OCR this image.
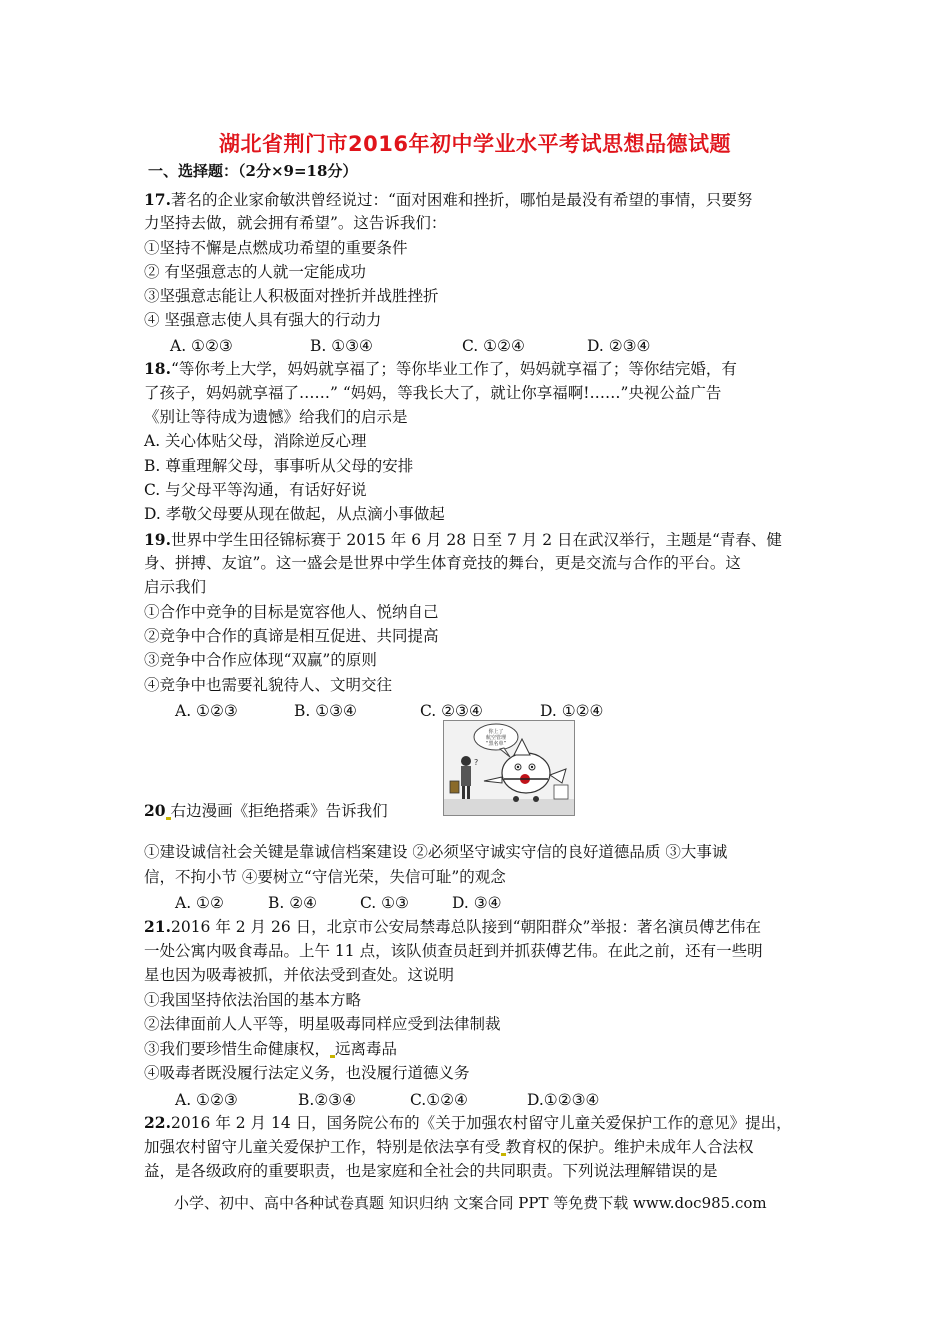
湖北省荆门市2016年初中学业水平考试思想品德试题
一、选择题：（2分×9=18分）
17.著名的企业家俞敏洪曾经说过：“面对困难和挫折，哪怕是最没有希望的事情，只要努
力坚持去做，就会拥有希望”。这告诉我们：
①坚持不懈是点燃成功希望的重要条件
② 有坚强意志的人就一定能成功
③坚强意志能让人积极面对挫折并战胜挫折
④ 坚强意志使人具有强大的行动力
A. ①②③	B. ①③④	C. ①②④	D. ②③④
18.“等你考上大学，妈妈就享福了；等你毕业工作了，妈妈就享福了；等你结完婚，有
了孩子，妈妈就享福了……” “妈妈，等我长大了，就让你享福啊!……”央视公益广告
《别让等待成为遗憾》给我们的启示是
A. 关心体贴父母，消除逆反心理
B. 尊重理解父母，事事听从父母的安排
C. 与父母平等沟通，有话好好说
D. 孝敬父母要从现在做起，从点滴小事做起
19.世界中学生田径锦标赛于 2015 年 6 月 28 日至 7 月 2 日在武汉举行，主题是“青春、健
身、拼搏、友谊”。这一盛会是世界中学生体育竞技的舞台，更是交流与合作的平台。这
启示我们
①合作中竞争的目标是宽容他人、悦纳自己
②竞争中合作的真谛是相互促进、共同提高
③竞争中合作应体现“双赢”的原则
④竞争中也需要礼貌待人、文明交往
A. ①②③	B. ①③④	C. ②③④	D. ①②④
你上了
航空管理
“黑名单”
?
20 右边漫画《拒绝搭乘》告诉我们
①建设诚信社会关键是靠诚信档案建设 ②必须坚守诚实守信的良好道德品质 ③大事诚
信，不拘小节 ④要树立“守信光荣，失信可耻”的观念
A. ①②	B. ②④	C. ①③	D. ③④
21.2016 年 2 月 26 日，北京市公安局禁毒总队接到“朝阳群众”举报：著名演员傅艺伟在
一处公寓内吸食毒品。上午 11 点，该队侦查员赶到并抓获傅艺伟。在此之前，还有一些明
星也因为吸毒被抓，并依法受到查处。这说明
①我国坚持依法治国的基本方略
②法律面前人人平等，明星吸毒同样应受到法律制裁
③我们要珍惜生命健康权， 远离毒品
④吸毒者既没履行法定义务，也没履行道德义务
A. ①②③	B.②③④	C.①②④	D.①②③④
22.2016 年 2 月 14 日，国务院公布的《关于加强农村留守儿童关爱保护工作的意见》提出，
加强农村留守儿童关爱保护工作，特别是依法享有受 教育权的保护。维护未成年人合法权
益，是各级政府的重要职责，也是家庭和全社会的共同职责。下列说法理解错误的是
小学、初中、高中各种试卷真题 知识归纳 文案合同 PPT 等免费下载 www.doc985.com
